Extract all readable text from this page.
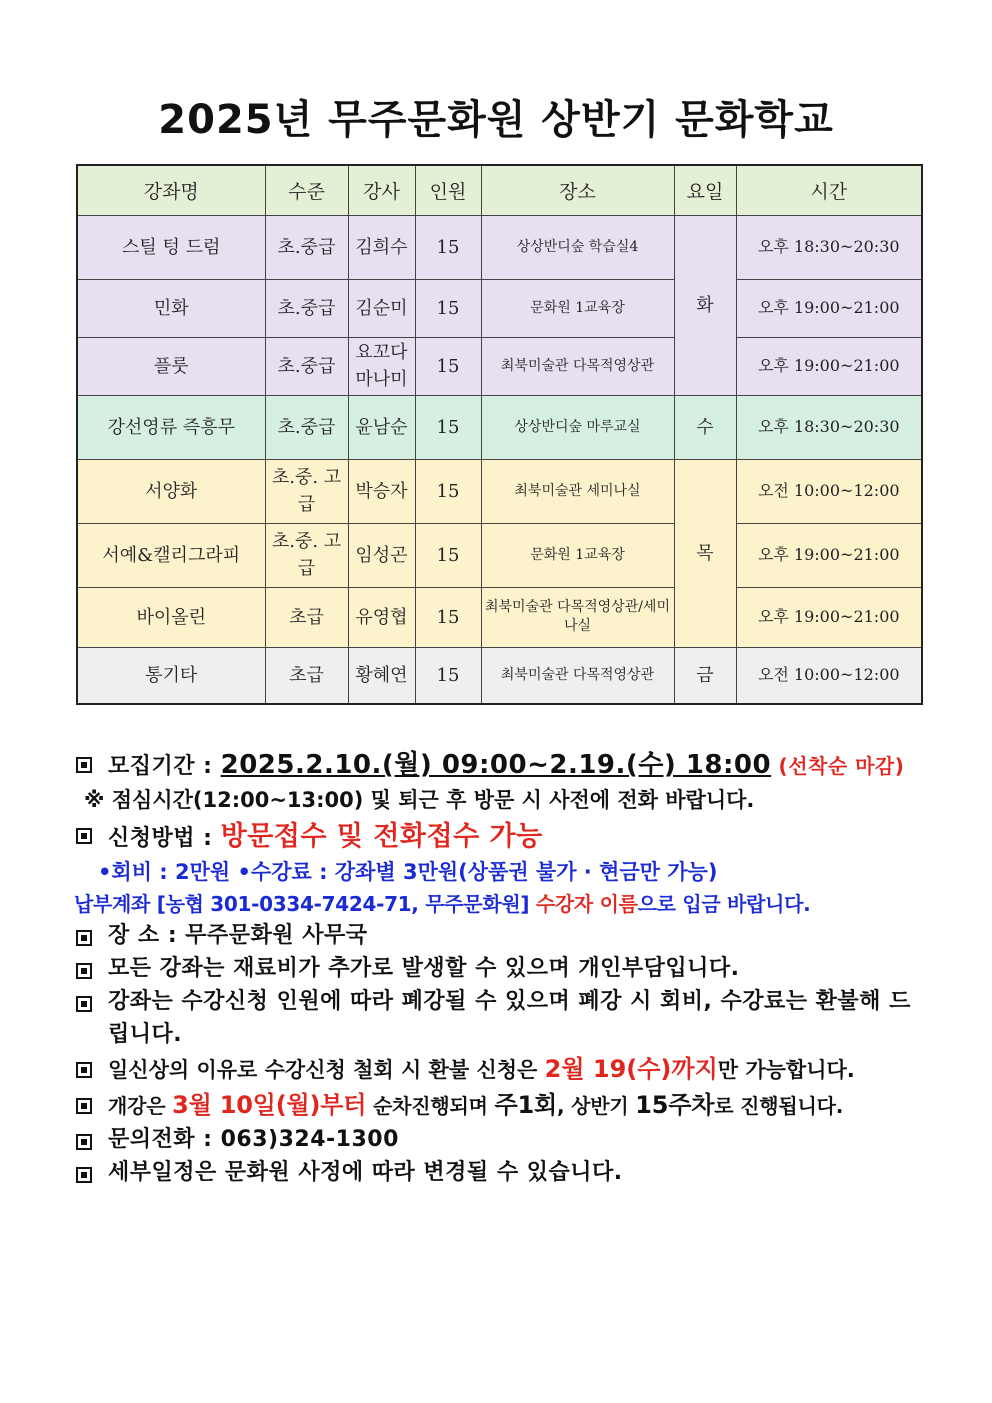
2025년 무주문화원 상반기 문화학교
강좌명	수준	강사	인원	장소	요일	시간
스틸 텅 드럼	초.중급	김희수	15	상상반디숲 학습실4	화	오후 18:30~20:30
민화	초.중급	김순미	15	문화원 1교육장		오후 19:00~21:00
플룻	초.중급	요꼬다 마나미	15	최북미술관 다목적영상관		오후 19:00~21:00
강선영류 즉흥무	초.중급	윤남순	15	상상반디숲 마루교실	수	오후 18:30~20:30
서양화	초.중. 고급	박승자	15	최북미술관 세미나실	목	오전 10:00~12:00
서예&캘리그라피	초.중. 고급	임성곤	15	문화원 1교육장		오후 19:00~21:00
바이올린	초급	유영협	15	최북미술관 다목적영상관/세미나실		오후 19:00~21:00
통기타	초급	황혜연	15	최북미술관 다목적영상관	금	오전 10:00~12:00
모집기간 : 2025.2.10.(월) 09:00~2.19.(수) 18:00 (선착순 마감)
※ 점심시간(12:00~13:00) 및 퇴근 후 방문 시 사전에 전화 바랍니다.
신청방법 : 방문접수 및 전화접수 가능
•회비 : 2만원 •수강료 : 강좌별 3만원(상품권 불가 · 현금만 가능)
납부계좌 [농협 301-0334-7424-71, 무주문화원] 수강자 이름으로 입금 바랍니다.
장 소 : 무주문화원 사무국
모든 강좌는 재료비가 추가로 발생할 수 있으며 개인부담입니다.
강좌는 수강신청 인원에 따라 폐강될 수 있으며 폐강 시 회비, 수강료는 환불해 드립니다.
일신상의 이유로 수강신청 철회 시 환불 신청은 2월 19(수)까지만 가능합니다.
개강은 3월 10일(월)부터 순차진행되며 주1회, 상반기 15주차로 진행됩니다.
문의전화 : 063)324-1300
세부일정은 문화원 사정에 따라 변경될 수 있습니다.
